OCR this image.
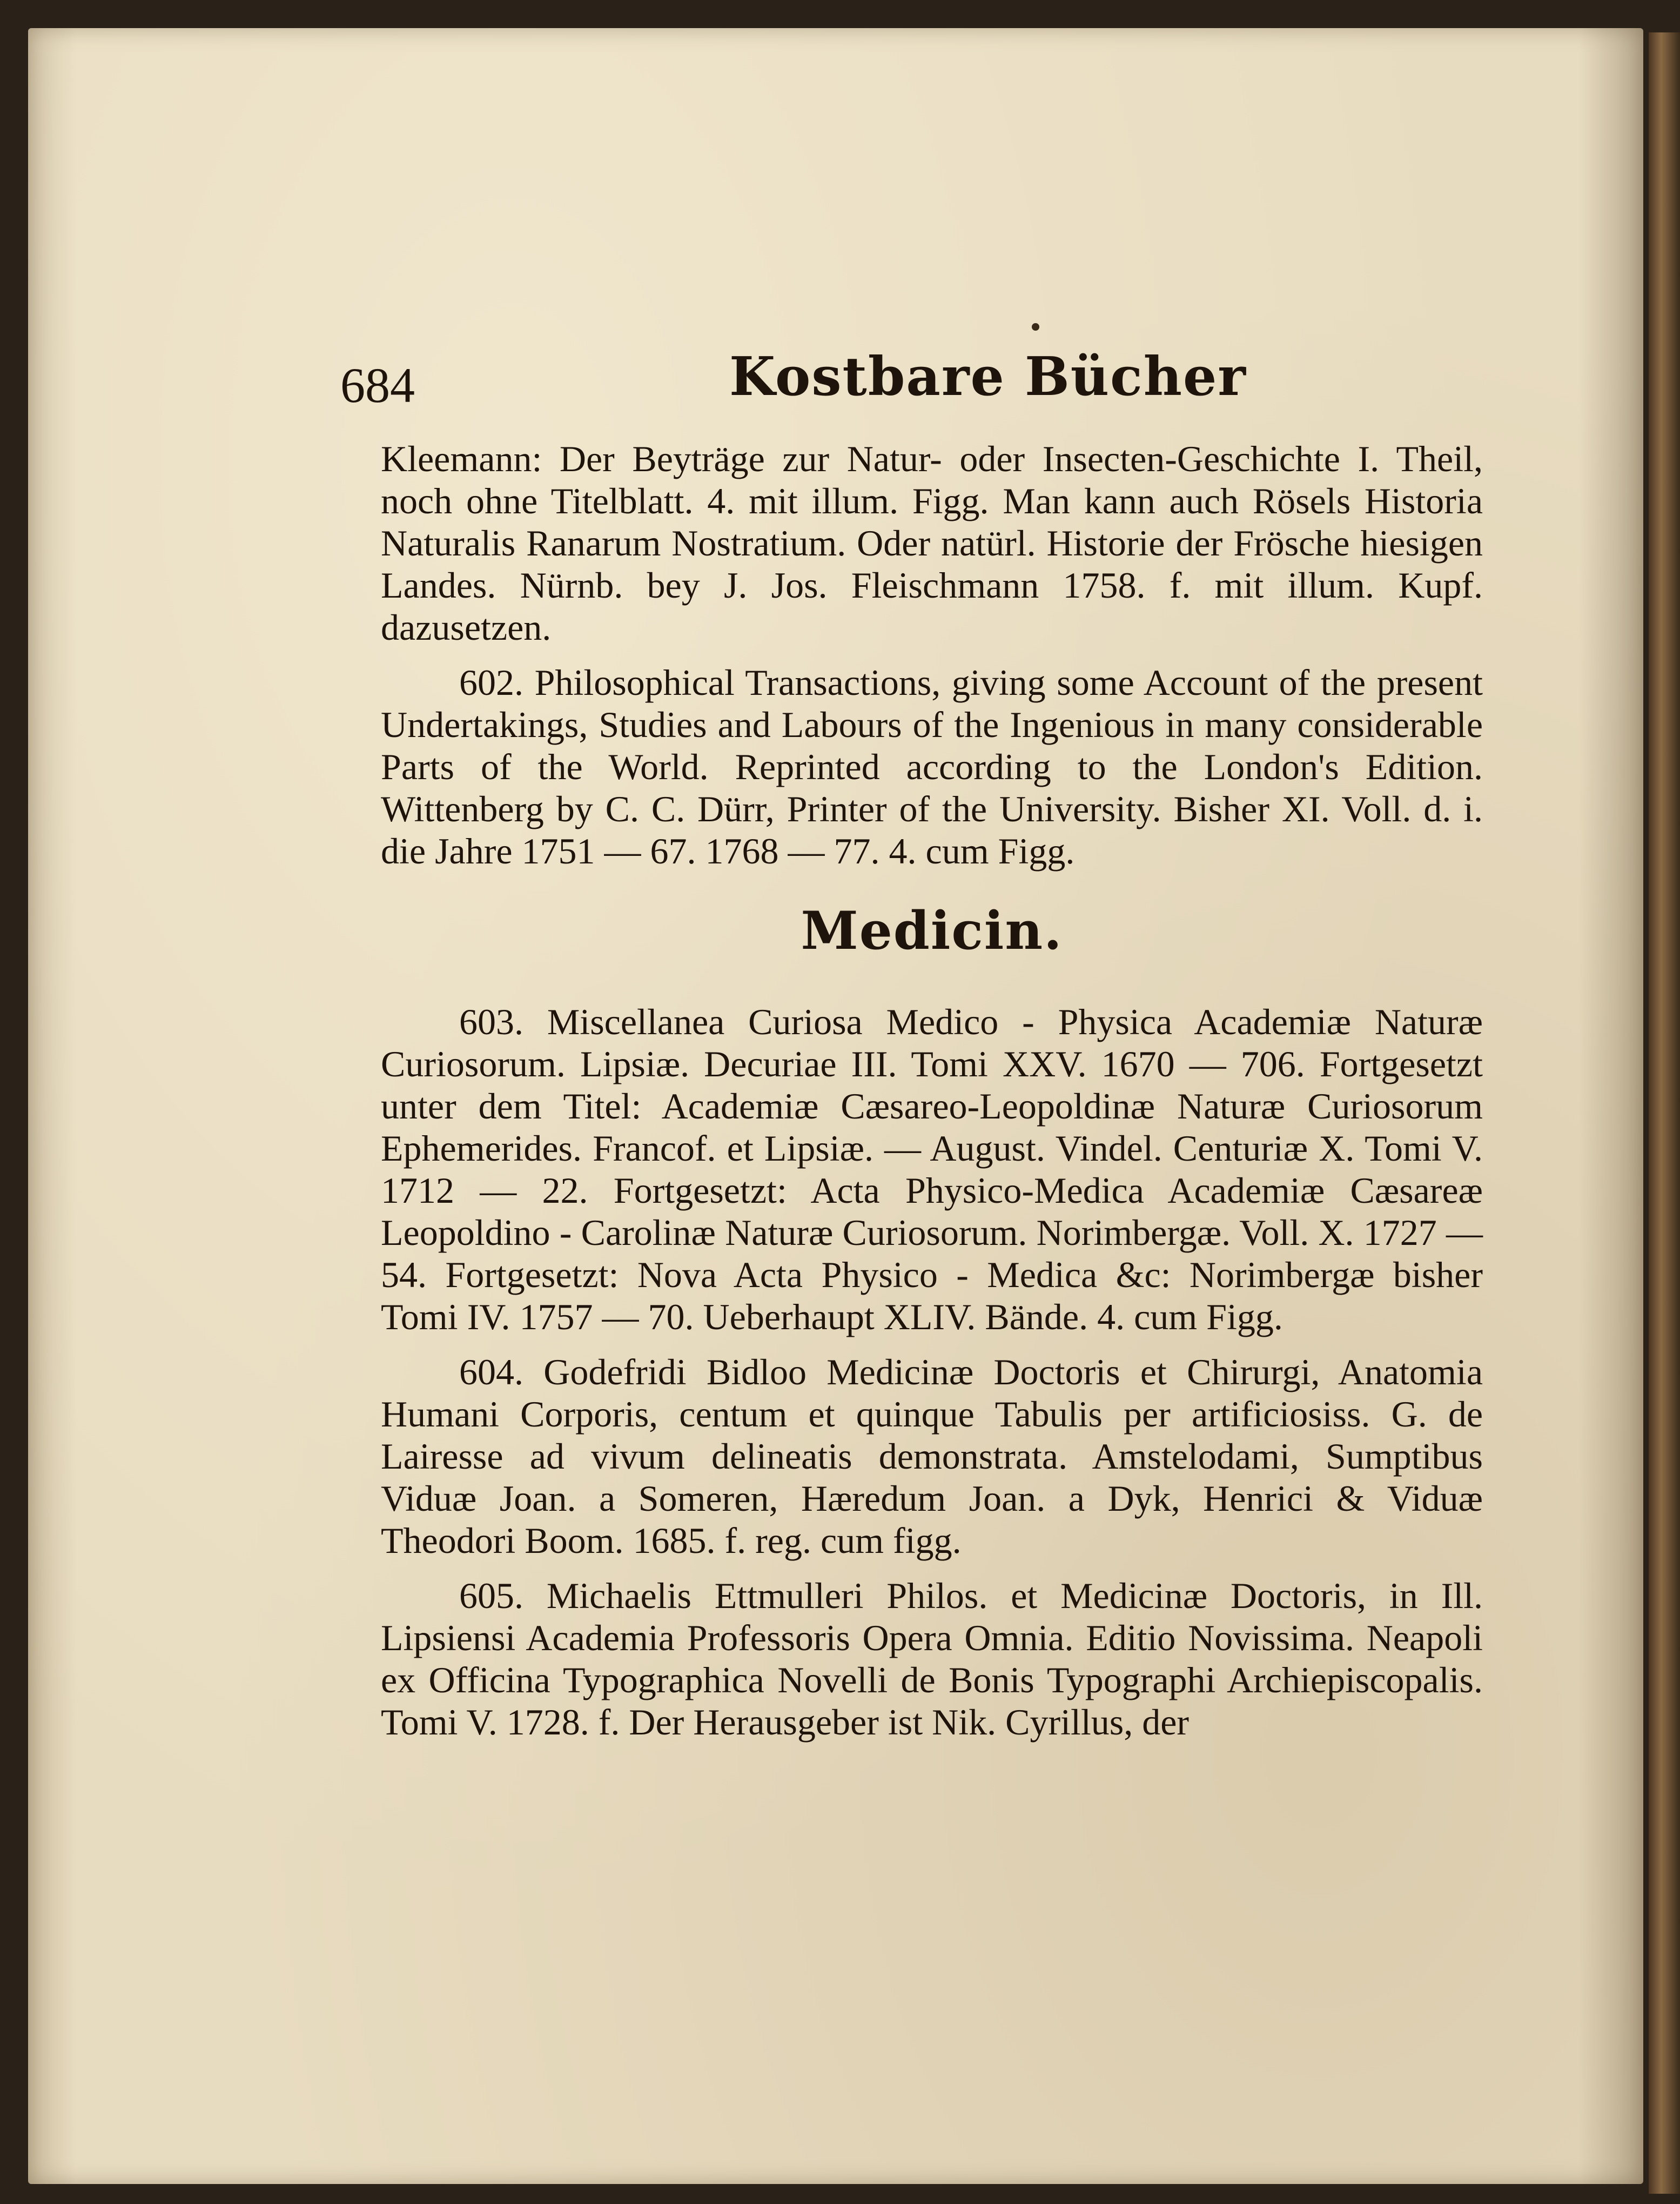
684	Kostbare Bücher

Kleemann: Der Beyträge zur Natur- oder Insecten-Geschichte I. Theil, noch ohne Titelblatt. 4. mit illum. Figg. Man kann auch Rösels Historia Naturalis Ranarum Nostratium. Oder natürl. Historie der Frösche hiesigen Landes. Nürnb. bey J. Jos. Fleischmann 1758. f. mit illum. Kupf. dazusetzen.

602. Philosophical Transactions, giving some Account of the present Undertakings, Studies and Labours of the Ingenious in many considerable Parts of the World. Reprinted according to the London's Edition. Wittenberg by C. C. Dürr, Printer of the University. Bisher XI. Voll. d. i. die Jahre 1751 — 67. 1768 — 77. 4. cum Figg.

Medicin.

603. Miscellanea Curiosa Medico - Physica Academiæ Naturæ Curiosorum. Lipsiæ. Decuriae III. Tomi XXV. 1670 — 706. Fortgesetzt unter dem Titel: Academiæ Cæsareo-Leopoldinæ Naturæ Curiosorum Ephemerides. Francof. et Lipsiæ. — August. Vindel. Centuriæ X. Tomi V. 1712 — 22. Fortgesetzt: Acta Physico-Medica Academiæ Cæsareæ Leopoldino - Carolinæ Naturæ Curiosorum. Norimbergæ. Voll. X. 1727 — 54. Fortgesetzt: Nova Acta Physico - Medica &c: Norimbergæ bisher Tomi IV. 1757 — 70. Ueberhaupt XLIV. Bände. 4. cum Figg.

604. Godefridi Bidloo Medicinæ Doctoris et Chirurgi, Anatomia Humani Corporis, centum et quinque Tabulis per artificiosiss. G. de Lairesse ad vivum delineatis demonstrata. Amstelodami, Sumptibus Viduæ Joan. a Someren, Hæredum Joan. a Dyk, Henrici & Viduæ Theodori Boom. 1685. f. reg. cum figg.

605. Michaelis Ettmulleri Philos. et Medicinæ Doctoris, in Ill. Lipsiensi Academia Professoris Opera Omnia. Editio Novissima. Neapoli ex Officina Typographica Novelli de Bonis Typographi Archiepiscopalis. Tomi V. 1728. f. Der Herausgeber ist Nik. Cyrillus, der
